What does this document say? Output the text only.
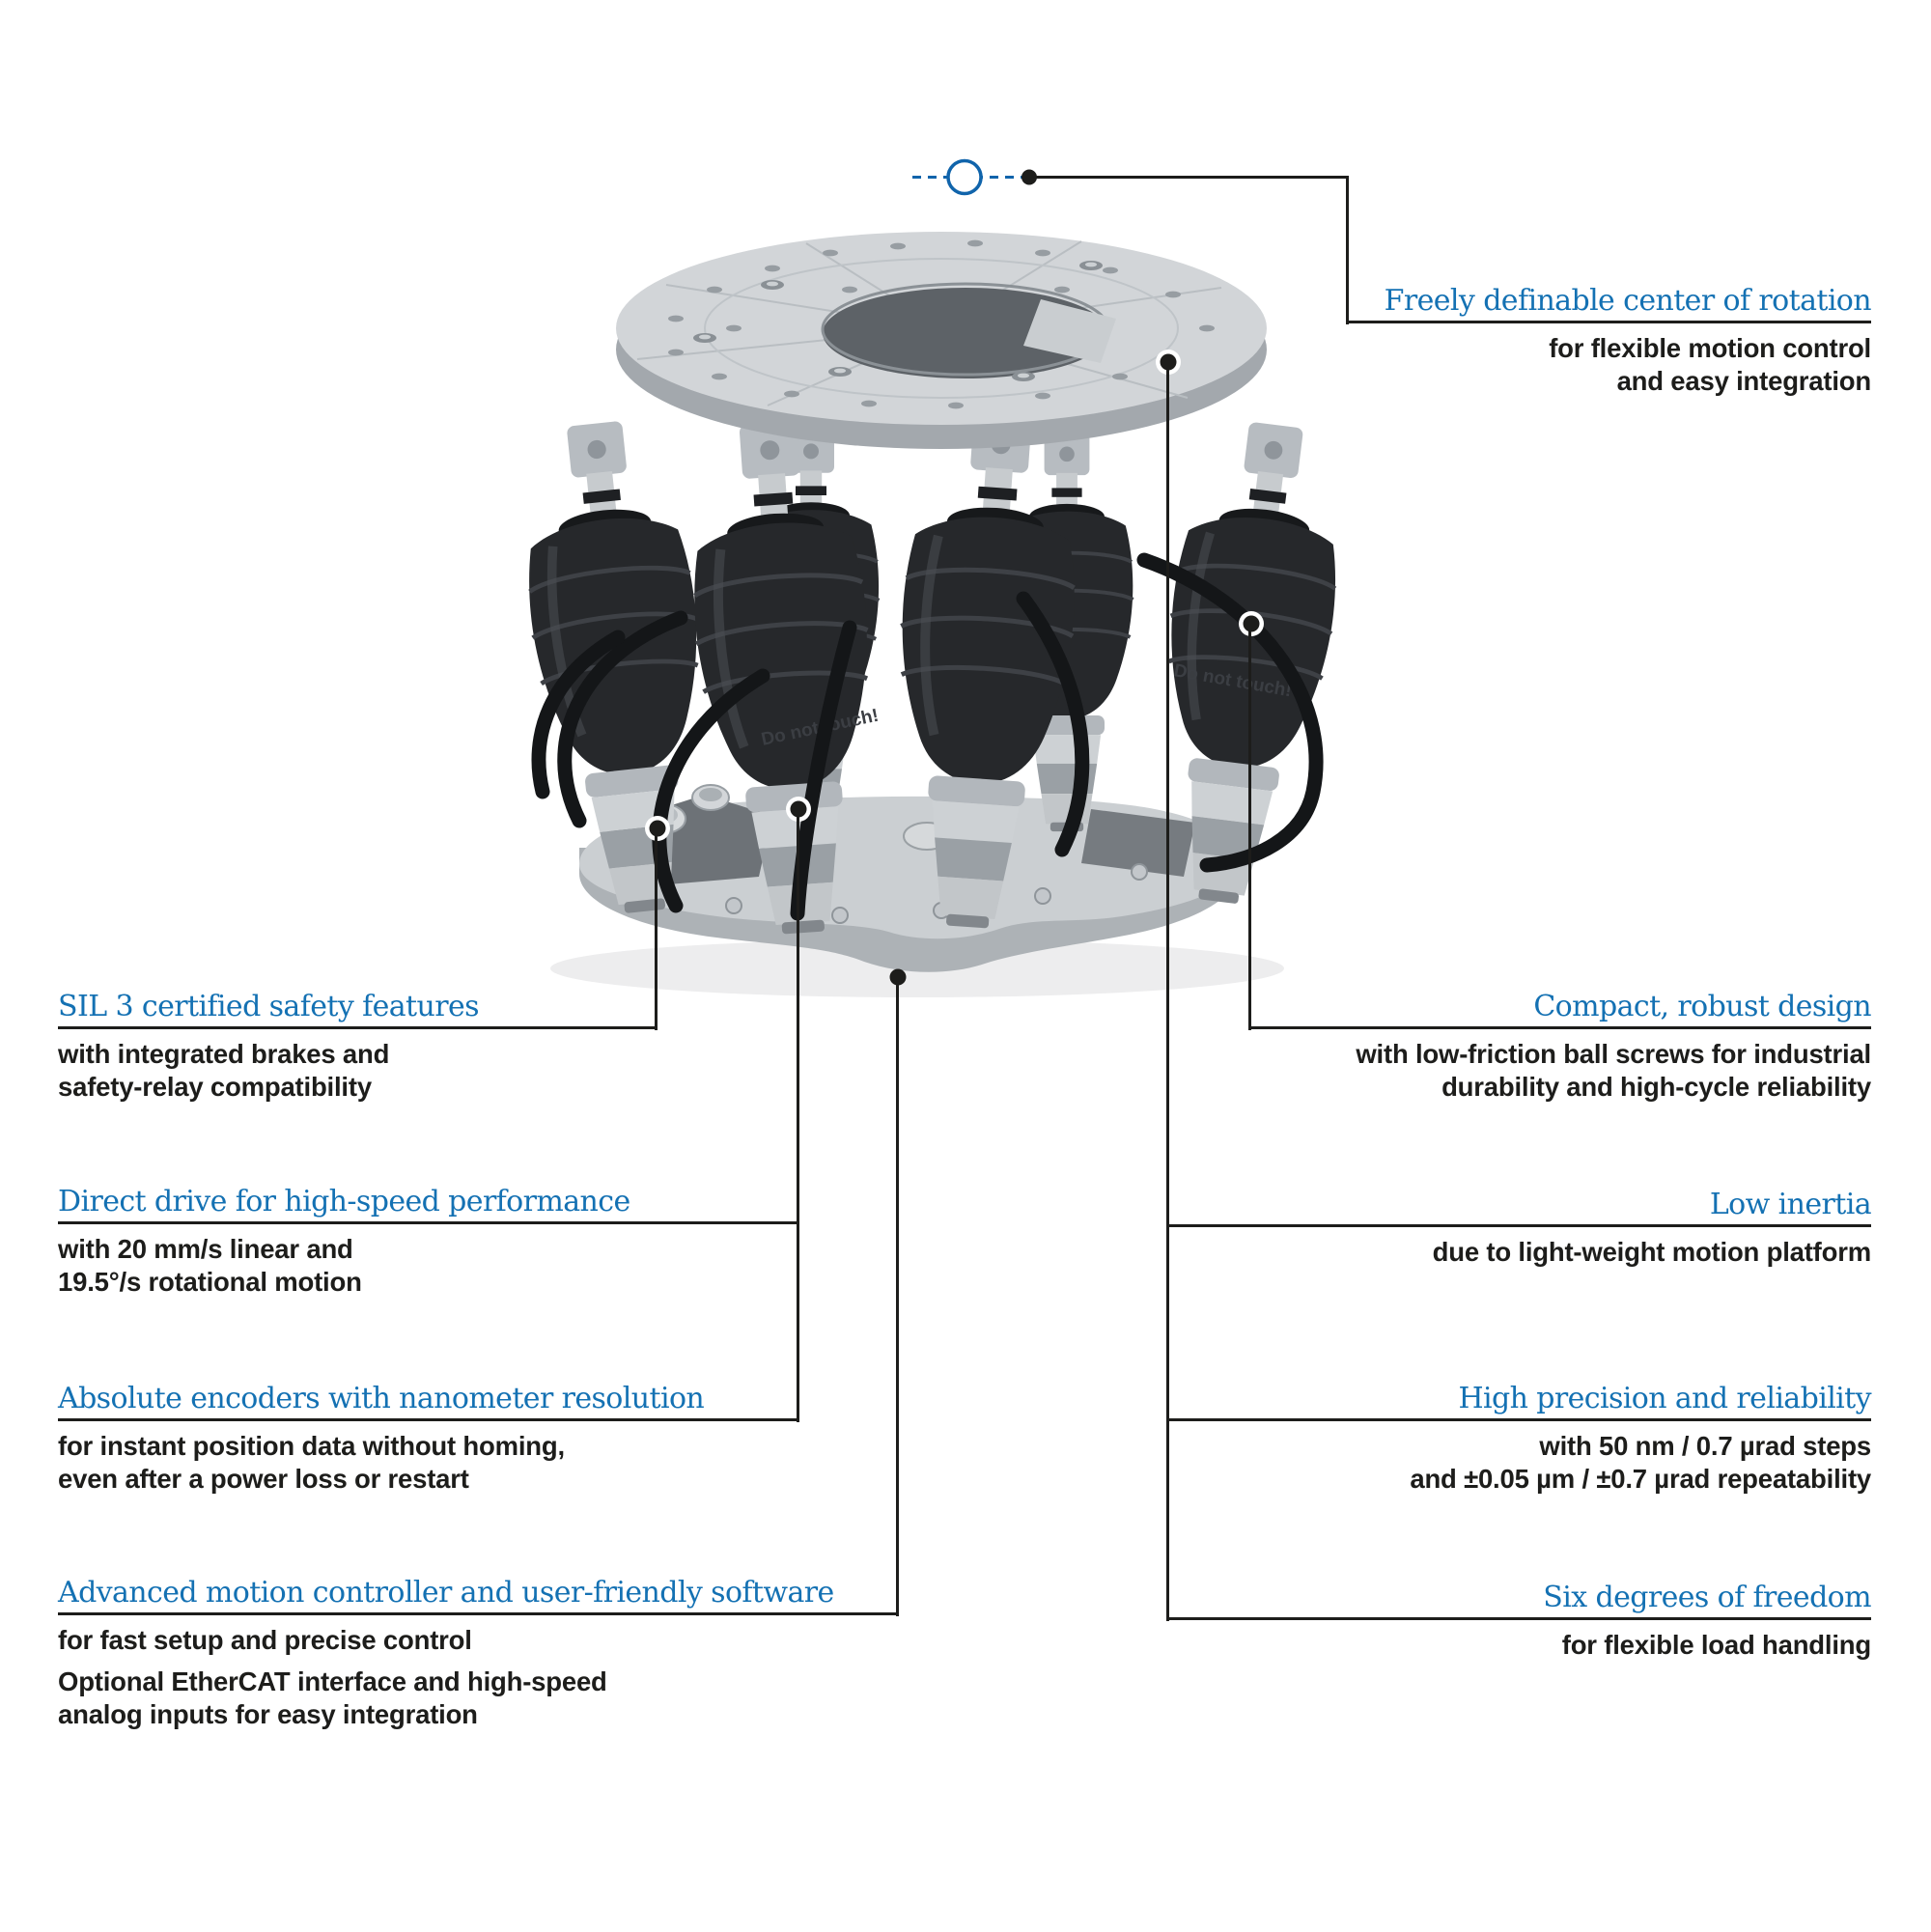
Do not touch!
Do not touch!
Freely definable center of rotation
for flexible motion control
and easy integration
SIL 3 certified safety features
with integrated brakes and
safety-relay compatibility
Direct drive for high-speed performance
with 20 mm/s linear and
19.5°/s rotational motion
Absolute encoders with nanometer resolution
for instant position data without homing,
even after a power loss or restart
Advanced motion controller and user-friendly software
for fast setup and precise control
Optional EtherCAT interface and high-speed
analog inputs for easy integration
Compact, robust design
with low-friction ball screws for industrial
durability and high-cycle reliability
Low inertia
due to light-weight motion platform
High precision and reliability
with 50 nm / 0.7 µrad steps
and ±0.05 µm / ±0.7 µrad repeatability
Six degrees of freedom
for flexible load handling
